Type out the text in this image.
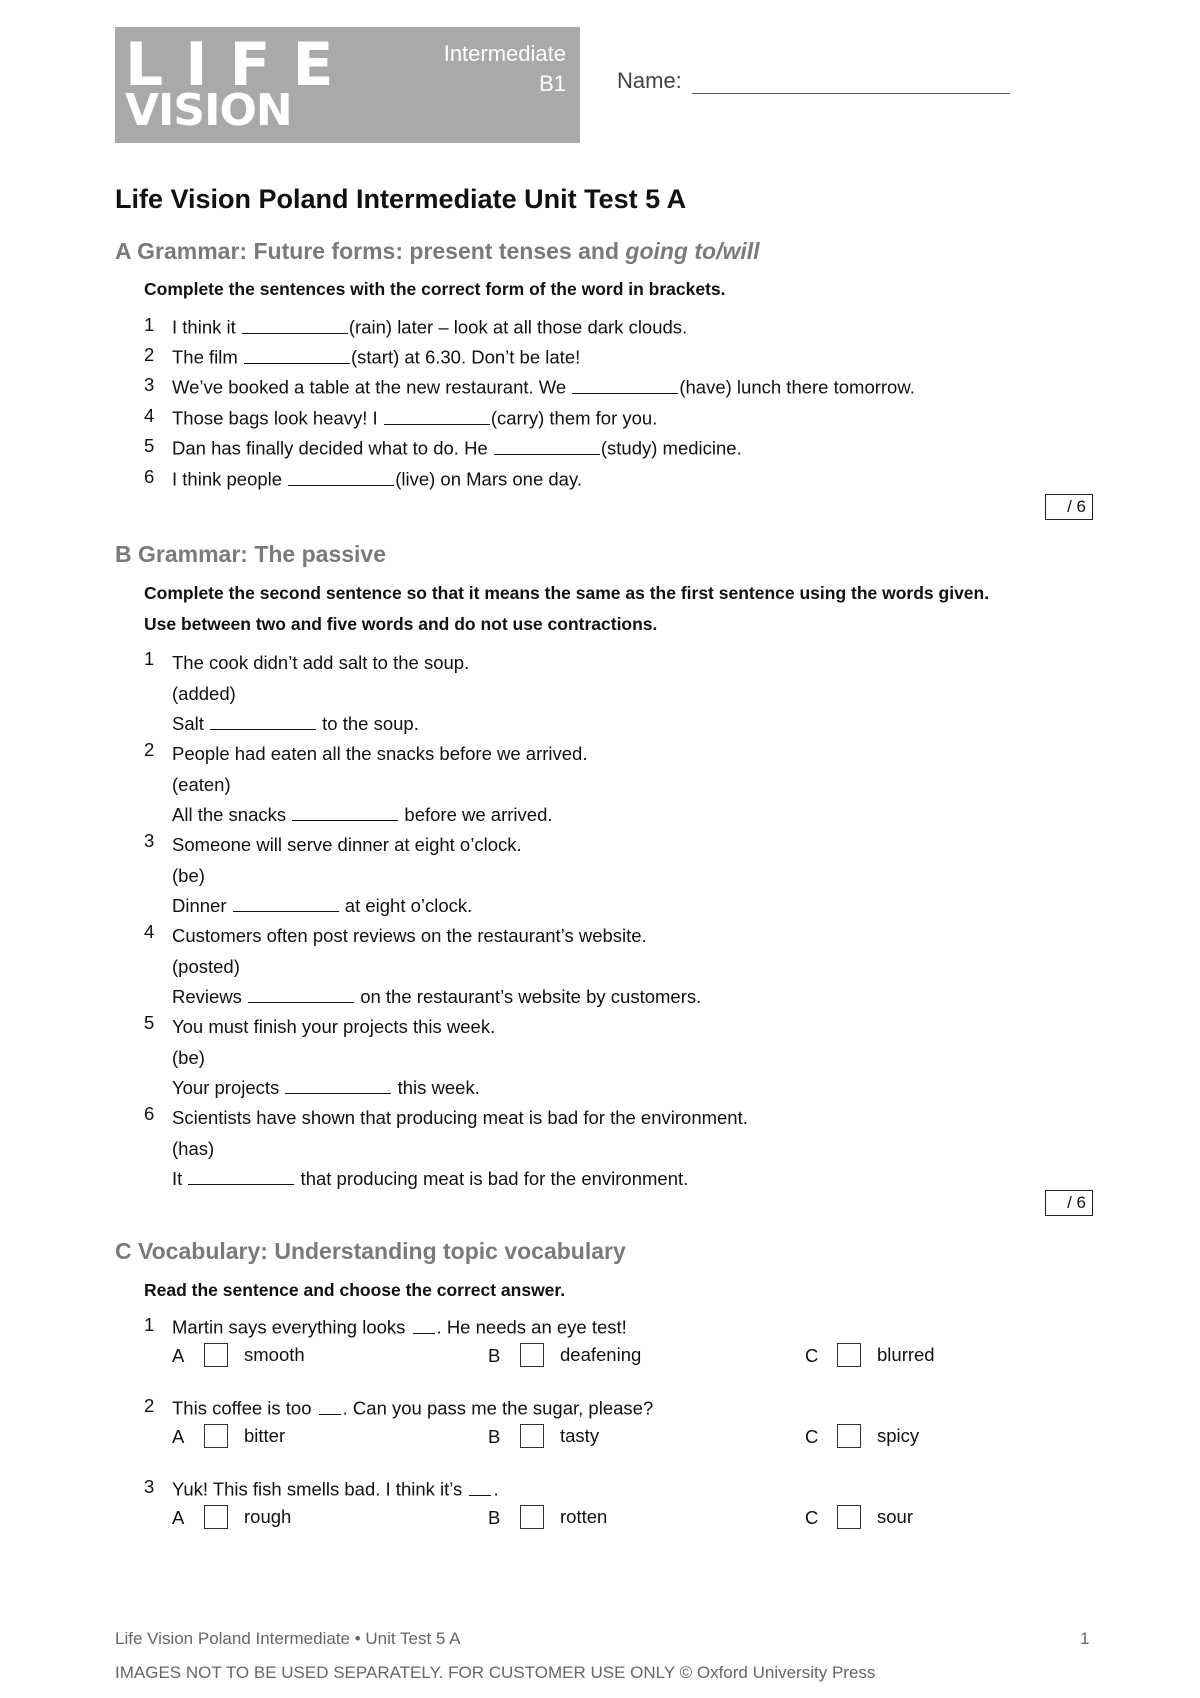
LIFE
VISION
Intermediate
B1 Name:
Life Vision Poland Intermediate Unit Test 5 A
A Grammar: Future forms: present tenses and going to/will

Complete the sentences with the correct form of the word in brackets.

1 I think it	(rain) later – look at all those dark clouds.
2 The film	(start) at 6.30. Don’t be late!
3 We’ve booked a table at the new restaurant. We	(have) lunch there tomorrow.
4 Those bags look heavy! I	(carry) them for you.
5 Dan has finally decided what to do. He	(study) medicine.
6 I think people	(live) on Mars one day.
/ 6
B Grammar: The passive

Complete the second sentence so that it means the same as the first sentence using the words given. Use between two and five words and do not use contractions.

1 The cook didn’t add salt to the soup.
(added)
Salt	to the soup.
2 People had eaten all the snacks before we arrived.
(eaten)
All the snacks	before we arrived.
3 Someone will serve dinner at eight o’clock.
(be)
Dinner	at eight o’clock.
4 Customers often post reviews on the restaurant’s website.
(posted)
Reviews	on the restaurant’s website by customers.
5 You must finish your projects this week.
(be)
Your projects	this week.
6 Scientists have shown that producing meat is bad for the environment.
(has)
It	that producing meat is bad for the environment.
/ 6
C Vocabulary: Understanding topic vocabulary

Read the sentence and choose the correct answer.

1 Martin says everything looks . He needs an eye test!
A	smooth	B	deafening	C	blurred
2 This coffee is too . Can you pass me the sugar, please?
A	bitter	B	tasty	C	spicy
3 Yuk! This fish smells bad. I think it’s .
A	rough	B	rotten	C	sour
Life Vision Poland Intermediate • Unit Test 5 A	1
IMAGES NOT TO BE USED SEPARATELY. FOR CUSTOMER USE ONLY © Oxford University Press
